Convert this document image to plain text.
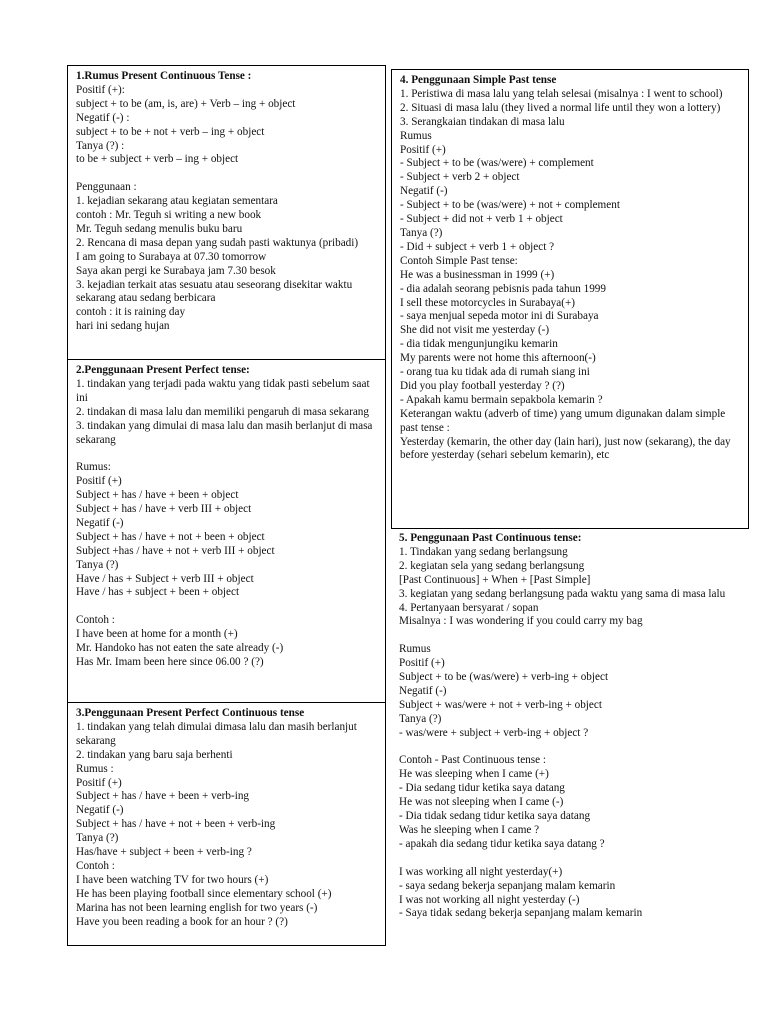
1.Rumus Present Continuous Tense :
Positif (+):
subject + to be (am, is, are) + Verb – ing + object
Negatif (-) :
subject + to be + not + verb – ing + object
Tanya (?) :
to be + subject + verb – ing + object
Penggunaan :
1. kejadian sekarang atau kegiatan sementara
contoh : Mr. Teguh si writing a new book
Mr. Teguh sedang menulis buku baru
2. Rencana di masa depan yang sudah pasti waktunya (pribadi)
I am going to Surabaya at 07.30 tomorrow
Saya akan pergi ke Surabaya jam 7.30 besok
3. kejadian terkait atas sesuatu atau seseorang disekitar waktu sekarang atau sedang berbicara
contoh : it is raining day
hari ini sedang hujan
2.Penggunaan Present Perfect tense:
1. tindakan yang terjadi pada waktu yang tidak pasti sebelum saat ini
2. tindakan di masa lalu dan memiliki pengaruh di masa sekarang
3. tindakan yang dimulai di masa lalu dan masih berlanjut di masa sekarang
Rumus:
Positif (+)
Subject + has / have + been + object
Subject + has / have + verb III + object
Negatif (-)
Subject + has / have + not + been + object
Subject +has / have + not + verb III + object
Tanya (?)
Have / has + Subject + verb III + object
Have / has + subject + been + object
Contoh :
I have been at home for a month (+)
Mr. Handoko has not eaten the sate already (-)
Has Mr. Imam been here since 06.00 ? (?)
3.Penggunaan Present Perfect Continuous tense
1. tindakan yang telah dimulai dimasa lalu dan masih berlanjut sekarang
2. tindakan yang baru saja berhenti
Rumus :
Positif (+)
Subject + has / have + been + verb-ing
Negatif (-)
Subject + has / have + not + been + verb-ing
Tanya (?)
Has/have + subject + been + verb-ing ?
Contoh :
I have been watching TV for two hours (+)
He has been playing football since elementary school (+)
Marina has not been learning english for two years (-)
Have you been reading a book for an hour ? (?)
4. Penggunaan Simple Past tense
1. Peristiwa di masa lalu yang telah selesai (misalnya : I went to school)
2. Situasi di masa lalu (they lived a normal life until they won a lottery)
3. Serangkaian tindakan di masa lalu
Rumus
Positif (+)
- Subject + to be (was/were) + complement
- Subject + verb 2 + object
Negatif (-)
- Subject + to be (was/were) + not + complement
- Subject + did not + verb 1 + object
Tanya (?)
- Did + subject + verb 1 + object ?
Contoh Simple Past tense:
He was a businessman in 1999 (+)
- dia adalah seorang pebisnis pada tahun 1999
I sell these motorcycles in Surabaya(+)
- saya menjual sepeda motor ini di Surabaya
She did not visit me yesterday (-)
- dia tidak mengunjungiku kemarin
My parents were not home this afternoon(-)
- orang tua ku tidak ada di rumah siang ini
Did you play football yesterday ? (?)
- Apakah kamu bermain sepakbola kemarin ?
Keterangan waktu (adverb of time) yang umum digunakan dalam simple past tense :
Yesterday (kemarin, the other day (lain hari), just now (sekarang), the day before yesterday (sehari sebelum kemarin), etc
5. Penggunaan Past Continuous tense:
1. Tindakan yang sedang berlangsung
2. kegiatan sela yang sedang berlangsung
[Past Continuous] + When + [Past Simple]
3. kegiatan yang sedang berlangsung pada waktu yang sama di masa lalu
4. Pertanyaan bersyarat / sopan
Misalnya : I was wondering if you could carry my bag
Rumus
Positif (+)
Subject + to be (was/were) + verb-ing + object
Negatif (-)
Subject + was/were + not + verb-ing + object
Tanya (?)
- was/were + subject + verb-ing + object ?
Contoh - Past Continuous tense :
He was sleeping when I came (+)
- Dia sedang tidur ketika saya datang
He was not sleeping when I came (-)
- Dia tidak sedang tidur ketika saya datang
Was he sleeping when I came ?
- apakah dia sedang tidur ketika saya datang ?
I was working all night yesterday(+)
- saya sedang bekerja sepanjang malam kemarin
I was not working all night yesterday (-)
- Saya tidak sedang bekerja sepanjang malam kemarin
